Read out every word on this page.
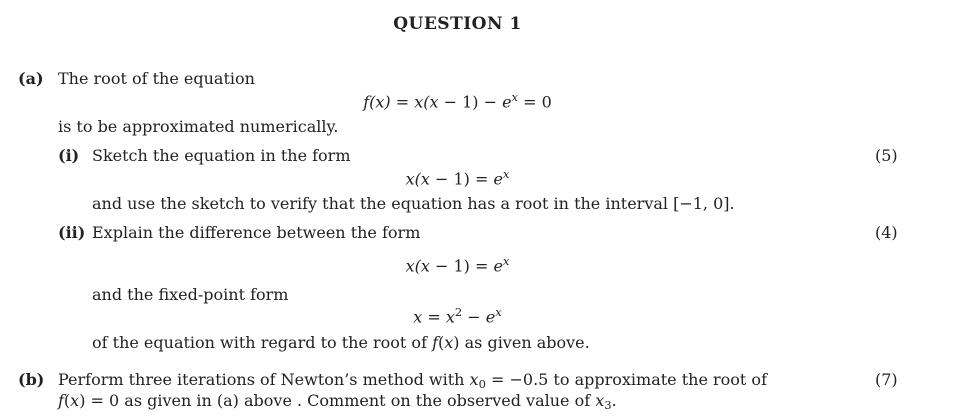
QUESTION 1
(a) The root of the equation
$f(x) = x(x - 1) - e^x = 0$
is to be approximated numerically.
(i) Sketch the equation in the form	(5)
$x(x - 1) = e^x$
and use the sketch to verify that the equation has a root in the interval [−1, 0].
(ii) Explain the difference between the form	(4)
$x(x - 1) = e^x$
and the fixed-point form
$x = x^2 - e^x$
of the equation with regard to the root of f(x) as given above.
(b) Perform three iterations of Newton’s method with x0 = −0.5 to approximate the root of	(7)
f(x) = 0 as given in (a) above . Comment on the observed value of x3.
